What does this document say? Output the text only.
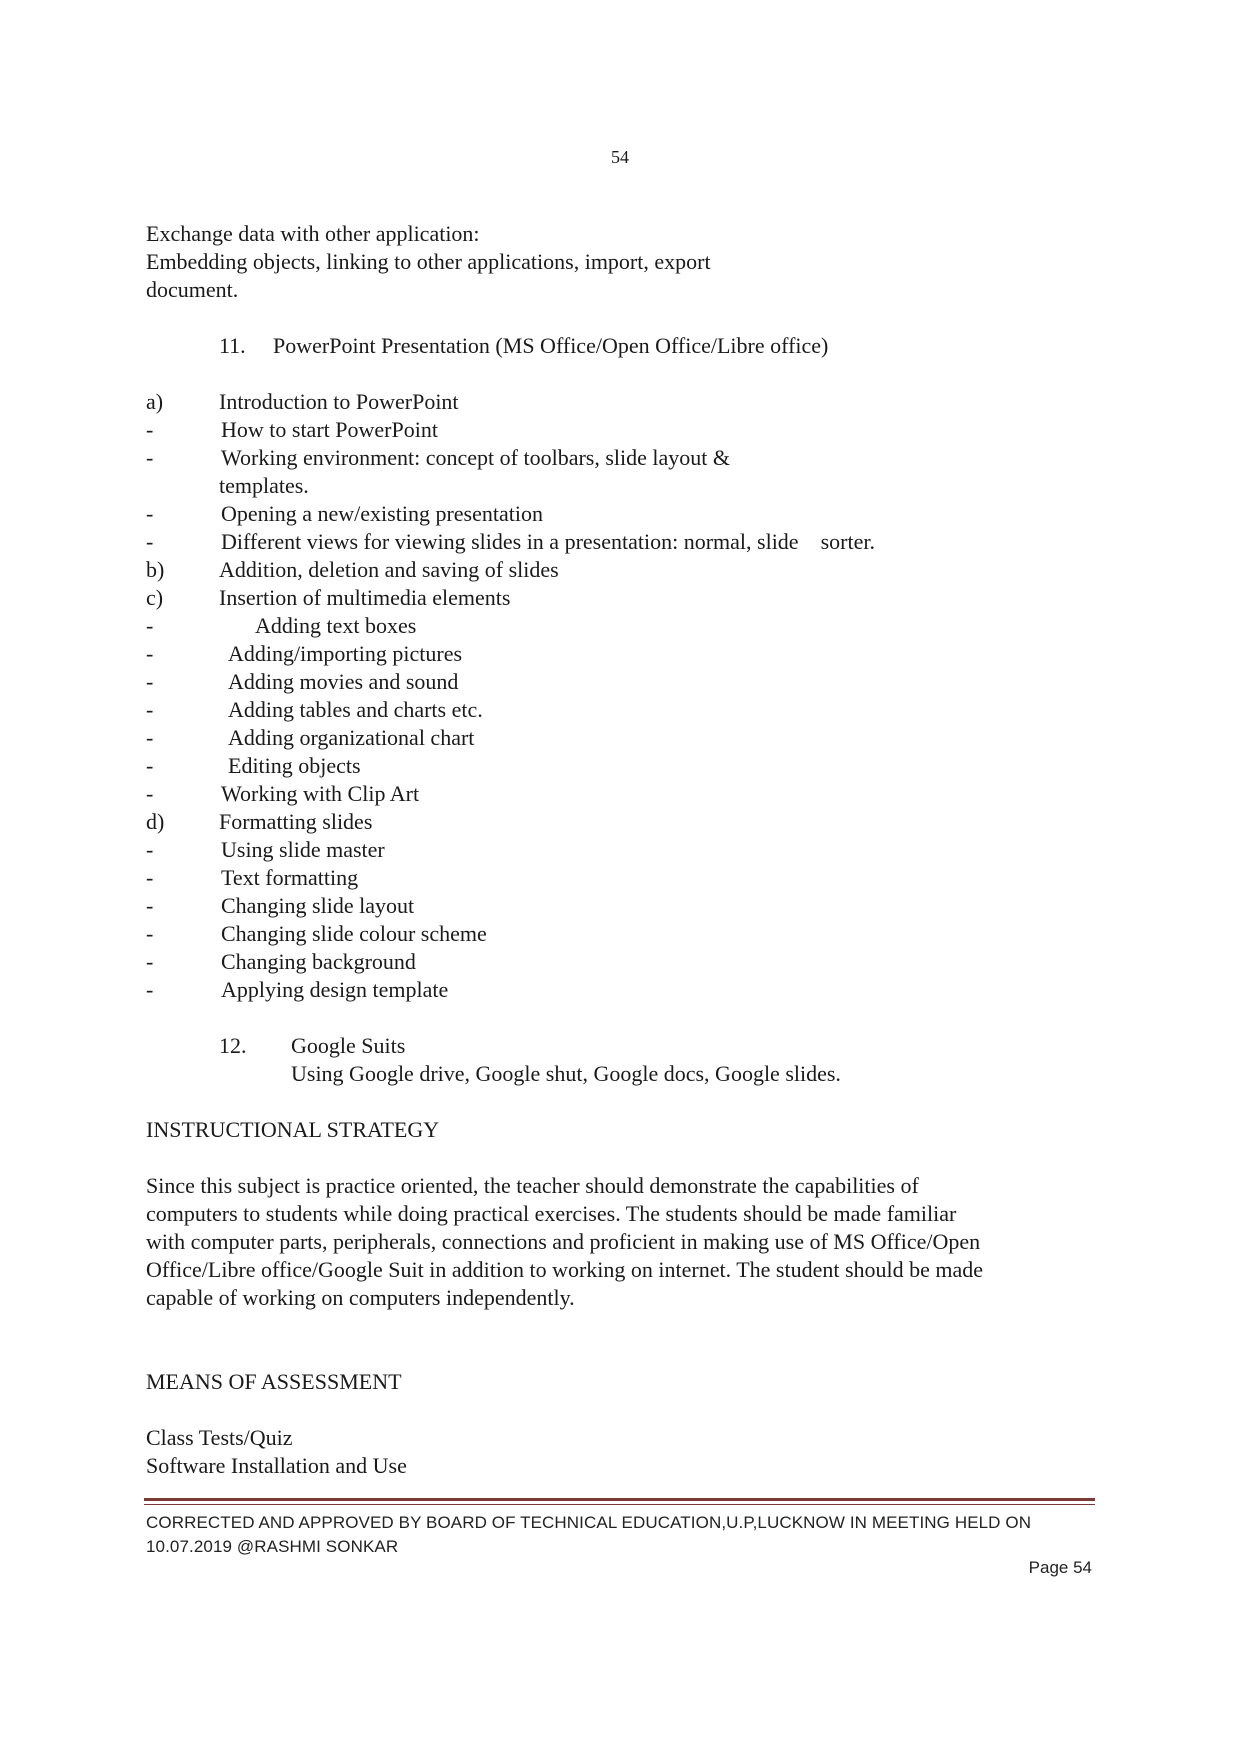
54
Exchange data with other application:
Embedding objects, linking to other applications, import, export
document.
11. PowerPoint Presentation (MS Office/Open Office/Libre office)
a)	Introduction to PowerPoint
-	How to start PowerPoint
-	Working environment: concept of toolbars, slide layout &
templates.
-	Opening a new/existing presentation
-	Different views for viewing slides in a presentation: normal, slide    sorter.
b) Addition, deletion and saving of slides
c)	Insertion of multimedia elements
-	Adding text boxes
-	Adding/importing pictures
-	Adding movies and sound
-	Adding tables and charts etc.
-	Adding organizational chart
-	Editing objects
-	Working with Clip Art
d) Formatting slides
-	Using slide master
-	Text formatting
-	Changing slide layout
-	Changing slide colour scheme
-	Changing background
-	Applying design template
12. Google Suits
Using Google drive, Google shut, Google docs, Google slides.
INSTRUCTIONAL STRATEGY
Since this subject is practice oriented, the teacher should demonstrate the capabilities of
computers to students while doing practical exercises. The students should be made familiar
with computer parts, peripherals, connections and proficient in making use of MS Office/Open
Office/Libre office/Google Suit in addition to working on internet. The student should be made
capable of working on computers independently.
MEANS OF ASSESSMENT
Class Tests/Quiz
Software Installation and Use
CORRECTED AND APPROVED BY BOARD OF TECHNICAL EDUCATION,U.P,LUCKNOW IN MEETING HELD ON
10.07.2019 @RASHMI SONKAR
Page 54
